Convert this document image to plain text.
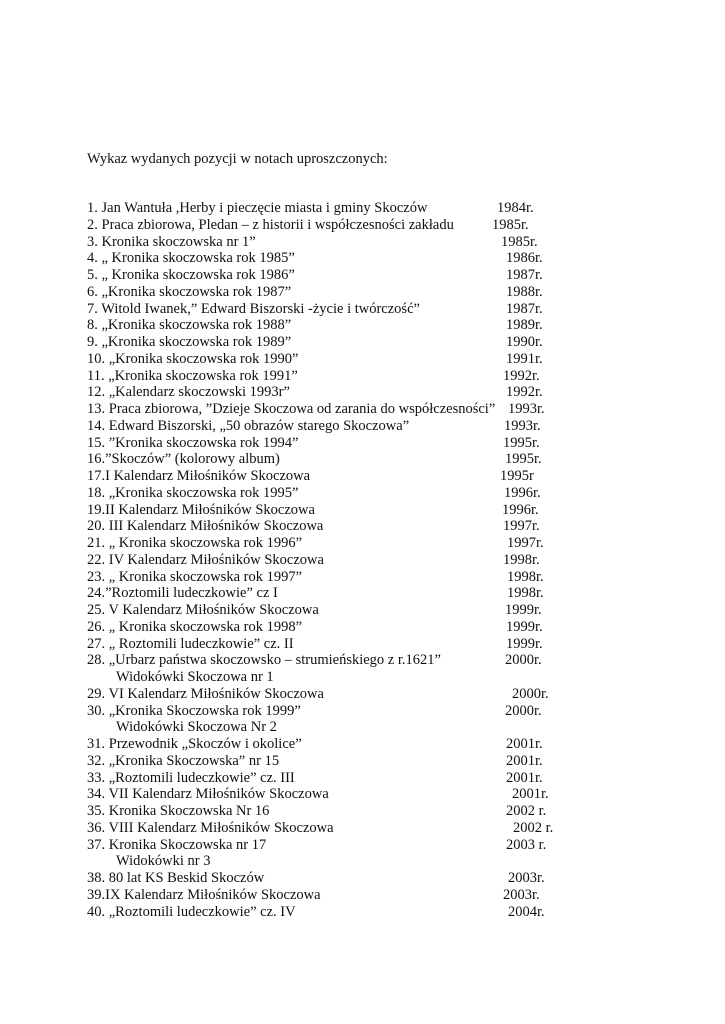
Wykaz wydanych pozycji w notach uproszczonych:
1. Jan Wantuła ,Herby i pieczęcie miasta i gminy Skoczów	1984r.
2. Praca zbiorowa, Pledan – z historii i współczesności zakładu	1985r.
3. Kronika skoczowska nr 1”	1985r.
4. „ Kronika skoczowska rok 1985”	1986r.
5. „ Kronika skoczowska rok 1986”	1987r.
6. „Kronika skoczowska rok 1987”	1988r.
7. Witold Iwanek,” Edward Biszorski -życie i twórczość”	1987r.
8. „Kronika skoczowska rok 1988”	1989r.
9. „Kronika skoczowska rok 1989”	1990r.
10. „Kronika skoczowska rok 1990”	1991r.
11. „Kronika skoczowska rok 1991”	1992r.
12. „Kalendarz skoczowski 1993r”	1992r.
13. Praca zbiorowa, ”Dzieje Skoczowa od zarania do współczesności” 1993r.
14. Edward Biszorski, „50 obrazów starego Skoczowa”	1993r.
15. ”Kronika skoczowska rok 1994”	1995r.
16.”Skoczów” (kolorowy album)	1995r.
17.I Kalendarz Miłośników Skoczowa	1995r
18. „Kronika skoczowska rok 1995”	1996r.
19.II Kalendarz Miłośników Skoczowa	1996r.
20. III Kalendarz Miłośników Skoczowa	1997r.
21. „ Kronika skoczowska rok 1996”	1997r.
22. IV Kalendarz Miłośników Skoczowa	1998r.
23. „ Kronika skoczowska rok 1997”	1998r.
24.”Roztomili ludeczkowie” cz I	1998r.
25. V Kalendarz Miłośników Skoczowa	1999r.
26. „ Kronika skoczowska rok 1998”	1999r.
27. „ Roztomili ludeczkowie” cz. II	1999r.
28. „Urbarz państwa skoczowsko – strumieńskiego z r.1621”	2000r.
Widokówki Skoczowa nr 1
29. VI Kalendarz Miłośników Skoczowa	2000r.
30. „Kronika Skoczowska rok 1999”	2000r.
Widokówki Skoczowa Nr 2
31. Przewodnik „Skoczów i okolice”	2001r.
32. „Kronika Skoczowska” nr 15	2001r.
33. „Roztomili ludeczkowie” cz. III	2001r.
34. VII Kalendarz Miłośników Skoczowa	2001r.
35. Kronika Skoczowska Nr 16	2002 r.
36. VIII Kalendarz Miłośników Skoczowa	2002 r.
37. Kronika Skoczowska nr 17	2003 r.
Widokówki nr 3
38. 80 lat KS Beskid Skoczów	2003r.
39.IX Kalendarz Miłośników Skoczowa	2003r.
40. „Roztomili ludeczkowie” cz. IV	2004r.
